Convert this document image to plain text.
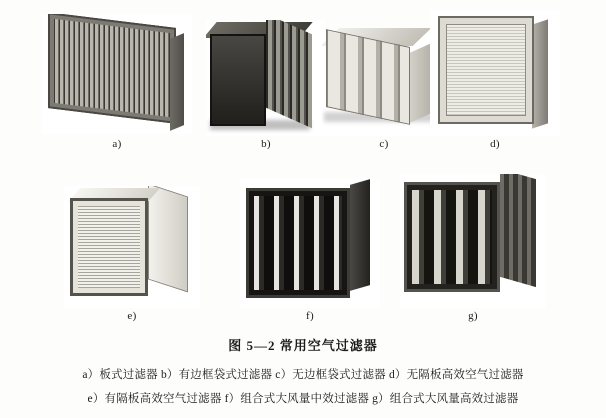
a)	b)	c)	d)
e)	f)	g)
图 5—2 常用空气过滤器
a）板式过滤器 b）有边框袋式过滤器 c）无边框袋式过滤器 d）无隔板高效空气过滤器
e）有隔板高效空气过滤器 f）组合式大风量中效过滤器 g）组合式大风量高效过滤器
